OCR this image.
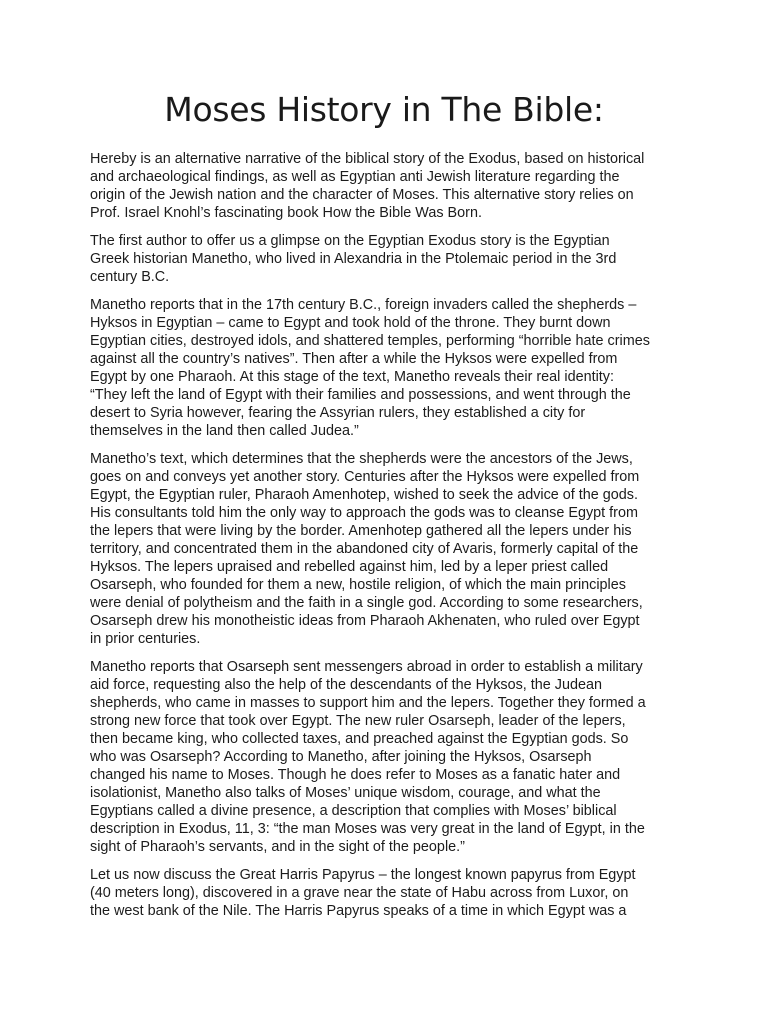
Moses History in The Bible:

Hereby is an alternative narrative of the biblical story of the Exodus, based on historical
and archaeological findings, as well as Egyptian anti Jewish literature regarding the
origin of the Jewish nation and the character of Moses. This alternative story relies on
Prof. Israel Knohl’s fascinating book How the Bible Was Born.

The first author to offer us a glimpse on the Egyptian Exodus story is the Egyptian
Greek historian Manetho, who lived in Alexandria in the Ptolemaic period in the 3rd
century B.C.

Manetho reports that in the 17th century B.C., foreign invaders called the shepherds –
Hyksos in Egyptian – came to Egypt and took hold of the throne. They burnt down
Egyptian cities, destroyed idols, and shattered temples, performing “horrible hate crimes
against all the country’s natives”. Then after a while the Hyksos were expelled from
Egypt by one Pharaoh. At this stage of the text, Manetho reveals their real identity:
“They left the land of Egypt with their families and possessions, and went through the
desert to Syria however, fearing the Assyrian rulers, they established a city for
themselves in the land then called Judea.”

Manetho’s text, which determines that the shepherds were the ancestors of the Jews,
goes on and conveys yet another story. Centuries after the Hyksos were expelled from
Egypt, the Egyptian ruler, Pharaoh Amenhotep, wished to seek the advice of the gods.
His consultants told him the only way to approach the gods was to cleanse Egypt from
the lepers that were living by the border. Amenhotep gathered all the lepers under his
territory, and concentrated them in the abandoned city of Avaris, formerly capital of the
Hyksos. The lepers upraised and rebelled against him, led by a leper priest called
Osarseph, who founded for them a new, hostile religion, of which the main principles
were denial of polytheism and the faith in a single god. According to some researchers,
Osarseph drew his monotheistic ideas from Pharaoh Akhenaten, who ruled over Egypt
in prior centuries.

Manetho reports that Osarseph sent messengers abroad in order to establish a military
aid force, requesting also the help of the descendants of the Hyksos, the Judean
shepherds, who came in masses to support him and the lepers. Together they formed a
strong new force that took over Egypt. The new ruler Osarseph, leader of the lepers,
then became king, who collected taxes, and preached against the Egyptian gods. So
who was Osarseph? According to Manetho, after joining the Hyksos, Osarseph
changed his name to Moses. Though he does refer to Moses as a fanatic hater and
isolationist, Manetho also talks of Moses’ unique wisdom, courage, and what the
Egyptians called a divine presence, a description that complies with Moses’ biblical
description in Exodus, 11, 3: “the man Moses was very great in the land of Egypt, in the
sight of Pharaoh’s servants, and in the sight of the people.”

Let us now discuss the Great Harris Papyrus – the longest known papyrus from Egypt
(40 meters long), discovered in a grave near the state of Habu across from Luxor, on
the west bank of the Nile. The Harris Papyrus speaks of a time in which Egypt was a
